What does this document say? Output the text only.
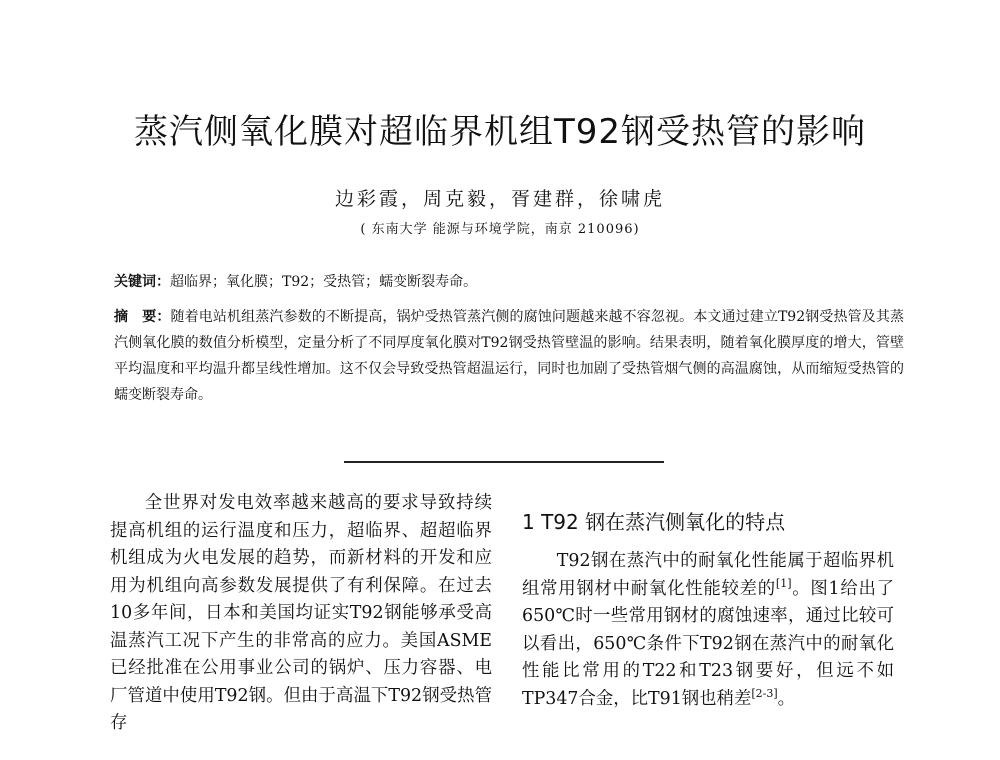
蒸汽侧氧化膜对超临界机组T92钢受热管的影响

边彩霞，周克毅，胥建群，徐啸虎

( 东南大学 能源与环境学院，南京 210096)

关键词：超临界；氧化膜；T92；受热管；蠕变断裂寿命。

摘　要：随着电站机组蒸汽参数的不断提高，锅炉受热管蒸汽侧的腐蚀问题越来越不容忽视。本文通过建立T92钢受热管及其蒸汽侧氧化膜的数值分析模型，定量分析了不同厚度氧化膜对T92钢受热管壁温的影响。结果表明，随着氧化膜厚度的增大，管壁平均温度和平均温升都呈线性增加。这不仅会导致受热管超温运行，同时也加剧了受热管烟气侧的高温腐蚀，从而缩短受热管的蠕变断裂寿命。

全世界对发电效率越来越高的要求导致持续提高机组的运行温度和压力，超临界、超超临界机组成为火电发展的趋势，而新材料的开发和应用为机组向高参数发展提供了有利保障。在过去10多年间，日本和美国均证实T92钢能够承受高温蒸汽工况下产生的非常高的应力。美国ASME已经批准在公用事业公司的锅炉、压力容器、电厂管道中使用T92钢。但由于高温下T92钢受热管存

1 T92 钢在蒸汽侧氧化的特点

T92钢在蒸汽中的耐氧化性能属于超临界机组常用钢材中耐氧化性能较差的[1]。图1给出了650℃时一些常用钢材的腐蚀速率，通过比较可以看出，650℃条件下T92钢在蒸汽中的耐氧化性能比常用的T22和T23钢要好，但远不如TP347合金，比T91钢也稍差[2-3]。
